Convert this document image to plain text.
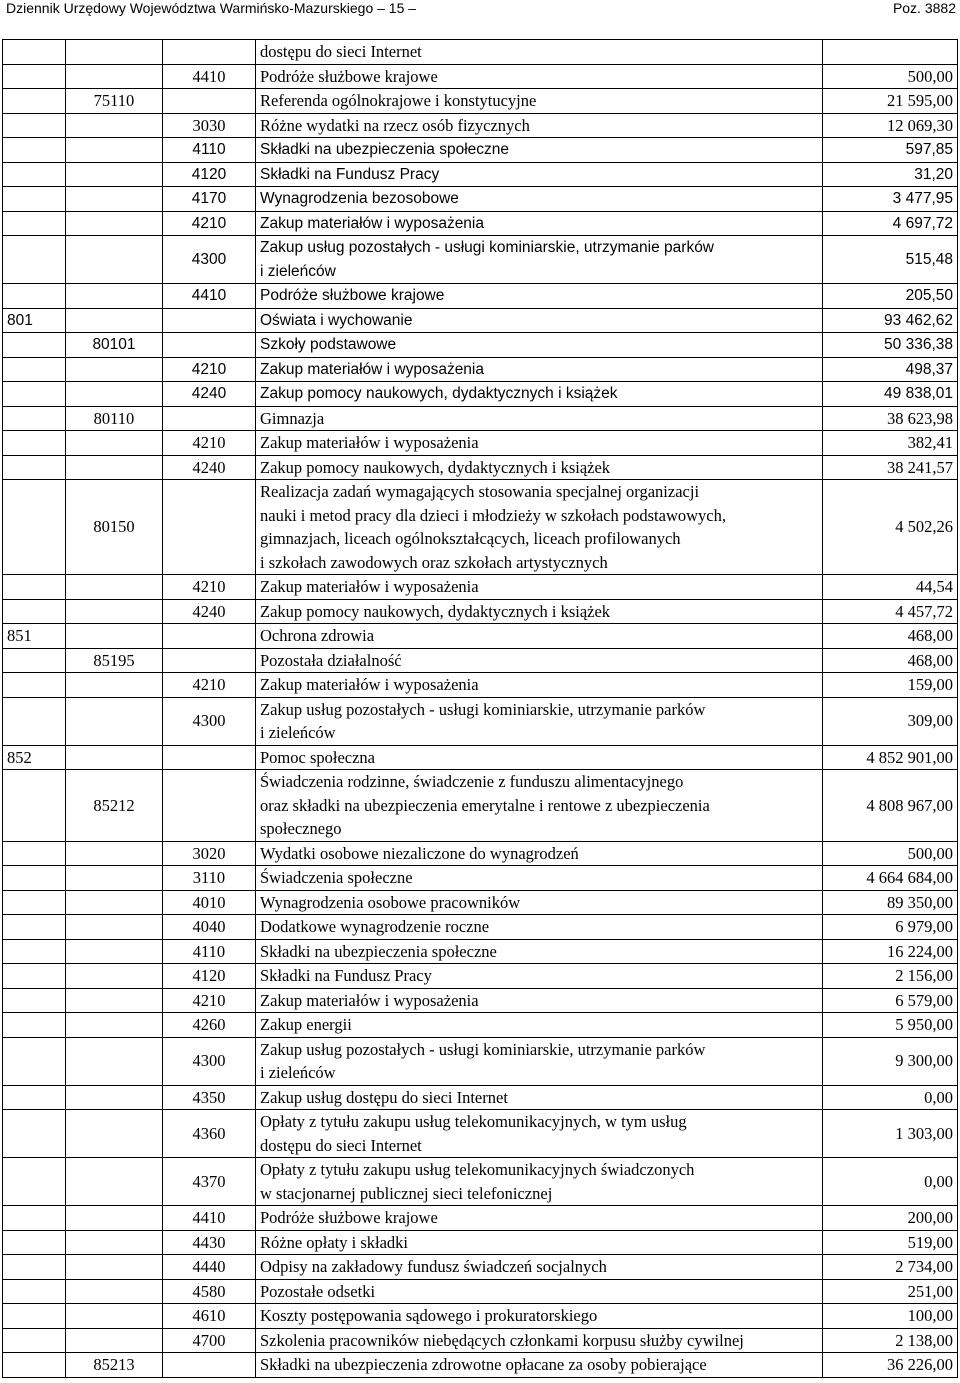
Dziennik Urzędowy Województwa Warmińsko-Mazurskiego – 15 –	Poz. 3882

			dostępu do sieci Internet	

		4410	Podróże służbowe krajowe	500,00
	75110		Referenda ogólnokrajowe i konstytucyjne	21 595,00
		3030	Różne wydatki na rzecz osób fizycznych	12 069,30
		4110	Składki na ubezpieczenia społeczne	597,85
		4120	Składki na Fundusz Pracy	31,20
		4170	Wynagrodzenia bezosobowe	3 477,95
		4210	Zakup materiałów i wyposażenia	4 697,72
		4300	Zakup usług pozostałych - usługi kominiarskie, utrzymanie parków
i zieleńców	515,48
		4410	Podróże służbowe krajowe	205,50
801			Oświata i wychowanie	93 462,62
	80101		Szkoły podstawowe	50 336,38
		4210	Zakup materiałów i wyposażenia	498,37
		4240	Zakup pomocy naukowych, dydaktycznych i książek	49 838,01
	80110		Gimnazja	38 623,98
		4210	Zakup materiałów i wyposażenia	382,41
		4240	Zakup pomocy naukowych, dydaktycznych i książek	38 241,57
	80150		Realizacja zadań wymagających stosowania specjalnej organizacji
nauki i metod pracy dla dzieci i młodzieży w szkołach podstawowych,
gimnazjach, liceach ogólnokształcących, liceach profilowanych
i szkołach zawodowych oraz szkołach artystycznych	4 502,26
		4210	Zakup materiałów i wyposażenia	44,54
		4240	Zakup pomocy naukowych, dydaktycznych i książek	4 457,72
851			Ochrona zdrowia	468,00
	85195		Pozostała działalność	468,00
		4210	Zakup materiałów i wyposażenia	159,00
		4300	Zakup usług pozostałych - usługi kominiarskie, utrzymanie parków
i zieleńców	309,00
852			Pomoc społeczna	4 852 901,00
	85212		Świadczenia rodzinne, świadczenie z funduszu alimentacyjnego
oraz składki na ubezpieczenia emerytalne i rentowe z ubezpieczenia
społecznego	4 808 967,00
		3020	Wydatki osobowe niezaliczone do wynagrodzeń	500,00
		3110	Świadczenia społeczne	4 664 684,00
		4010	Wynagrodzenia osobowe pracowników	89 350,00
		4040	Dodatkowe wynagrodzenie roczne	6 979,00
		4110	Składki na ubezpieczenia społeczne	16 224,00
		4120	Składki na Fundusz Pracy	2 156,00
		4210	Zakup materiałów i wyposażenia	6 579,00
		4260	Zakup energii	5 950,00
		4300	Zakup usług pozostałych - usługi kominiarskie, utrzymanie parków
i zieleńców	9 300,00
		4350	Zakup usług dostępu do sieci Internet	0,00
		4360	Opłaty z tytułu zakupu usług telekomunikacyjnych, w tym usług
dostępu do sieci Internet	1 303,00
		4370	Opłaty z tytułu zakupu usług telekomunikacyjnych świadczonych
w stacjonarnej publicznej sieci telefonicznej	0,00
		4410	Podróże służbowe krajowe	200,00
		4430	Różne opłaty i składki	519,00
		4440	Odpisy na zakładowy fundusz świadczeń socjalnych	2 734,00
		4580	Pozostałe odsetki	251,00
		4610	Koszty postępowania sądowego i prokuratorskiego	100,00
		4700	Szkolenia pracowników niebędących członkami korpusu służby cywilnej	2 138,00
	85213		Składki na ubezpieczenia zdrowotne opłacane za osoby pobierające	36 226,00
